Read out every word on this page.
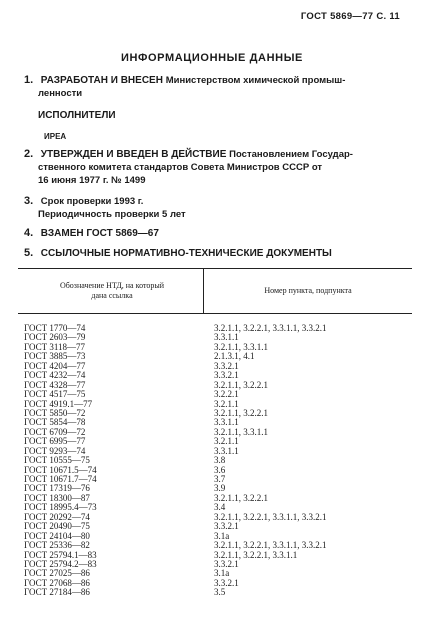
ГОСТ 5869—77 С. 11
ИНФОРМАЦИОННЫЕ ДАННЫЕ
1. РАЗРАБОТАН И ВНЕСЕН Министерством химической промыш-
ленности
ИСПОЛНИТЕЛИ
ИРЕА
2. УТВЕРЖДЕН И ВВЕДЕН В ДЕЙСТВИЕ Постановлением Государ-
ственного комитета стандартов Совета Министров СССР от
16 июня 1977 г. № 1499
3. Срок проверки 1993 г.
Периодичность проверки 5 лет
4. ВЗАМЕН ГОСТ 5869—67
5. ССЫЛОЧНЫЕ НОРМАТИВНО-ТЕХНИЧЕСКИЕ ДОКУМЕНТЫ
Обозначение НТД, на который
дана ссылка
Номер пункта, подпункта
ГОСТ 1770—74	3.2.1.1, 3.2.2.1, 3.3.1.1, 3.3.2.1
ГОСТ 2603—79	3.3.1.1
ГОСТ 3118—77	3.2.1.1, 3.3.1.1
ГОСТ 3885—73	2.1.3.1, 4.1
ГОСТ 4204—77	3.3.2.1
ГОСТ 4232—74	3.3.2.1
ГОСТ 4328—77	3.2.1.1, 3.2.2.1
ГОСТ 4517—75	3.2.2.1
ГОСТ 4919.1—77	3.2.1.1
ГОСТ 5850—72	3.2.1.1, 3.2.2.1
ГОСТ 5854—78	3.3.1.1
ГОСТ 6709—72	3.2.1.1, 3.3.1.1
ГОСТ 6995—77	3.2.1.1
ГОСТ 9293—74	3.3.1.1
ГОСТ 10555—75	3.8
ГОСТ 10671.5—74	3.6
ГОСТ 10671.7—74	3.7
ГОСТ 17319—76	3.9
ГОСТ 18300—87	3.2.1.1, 3.2.2.1
ГОСТ 18995.4—73	3.4
ГОСТ 20292—74	3.2.1.1, 3.2.2.1, 3.3.1.1, 3.3.2.1
ГОСТ 20490—75	3.3.2.1
ГОСТ 24104—80	3.1а
ГОСТ 25336—82	3.2.1.1, 3.2.2.1, 3.3.1.1, 3.3.2.1
ГОСТ 25794.1—83	3.2.1.1, 3.2.2.1, 3.3.1.1
ГОСТ 25794.2—83	3.3.2.1
ГОСТ 27025—86	3.1а
ГОСТ 27068—86	3.3.2.1
ГОСТ 27184—86	3.5
